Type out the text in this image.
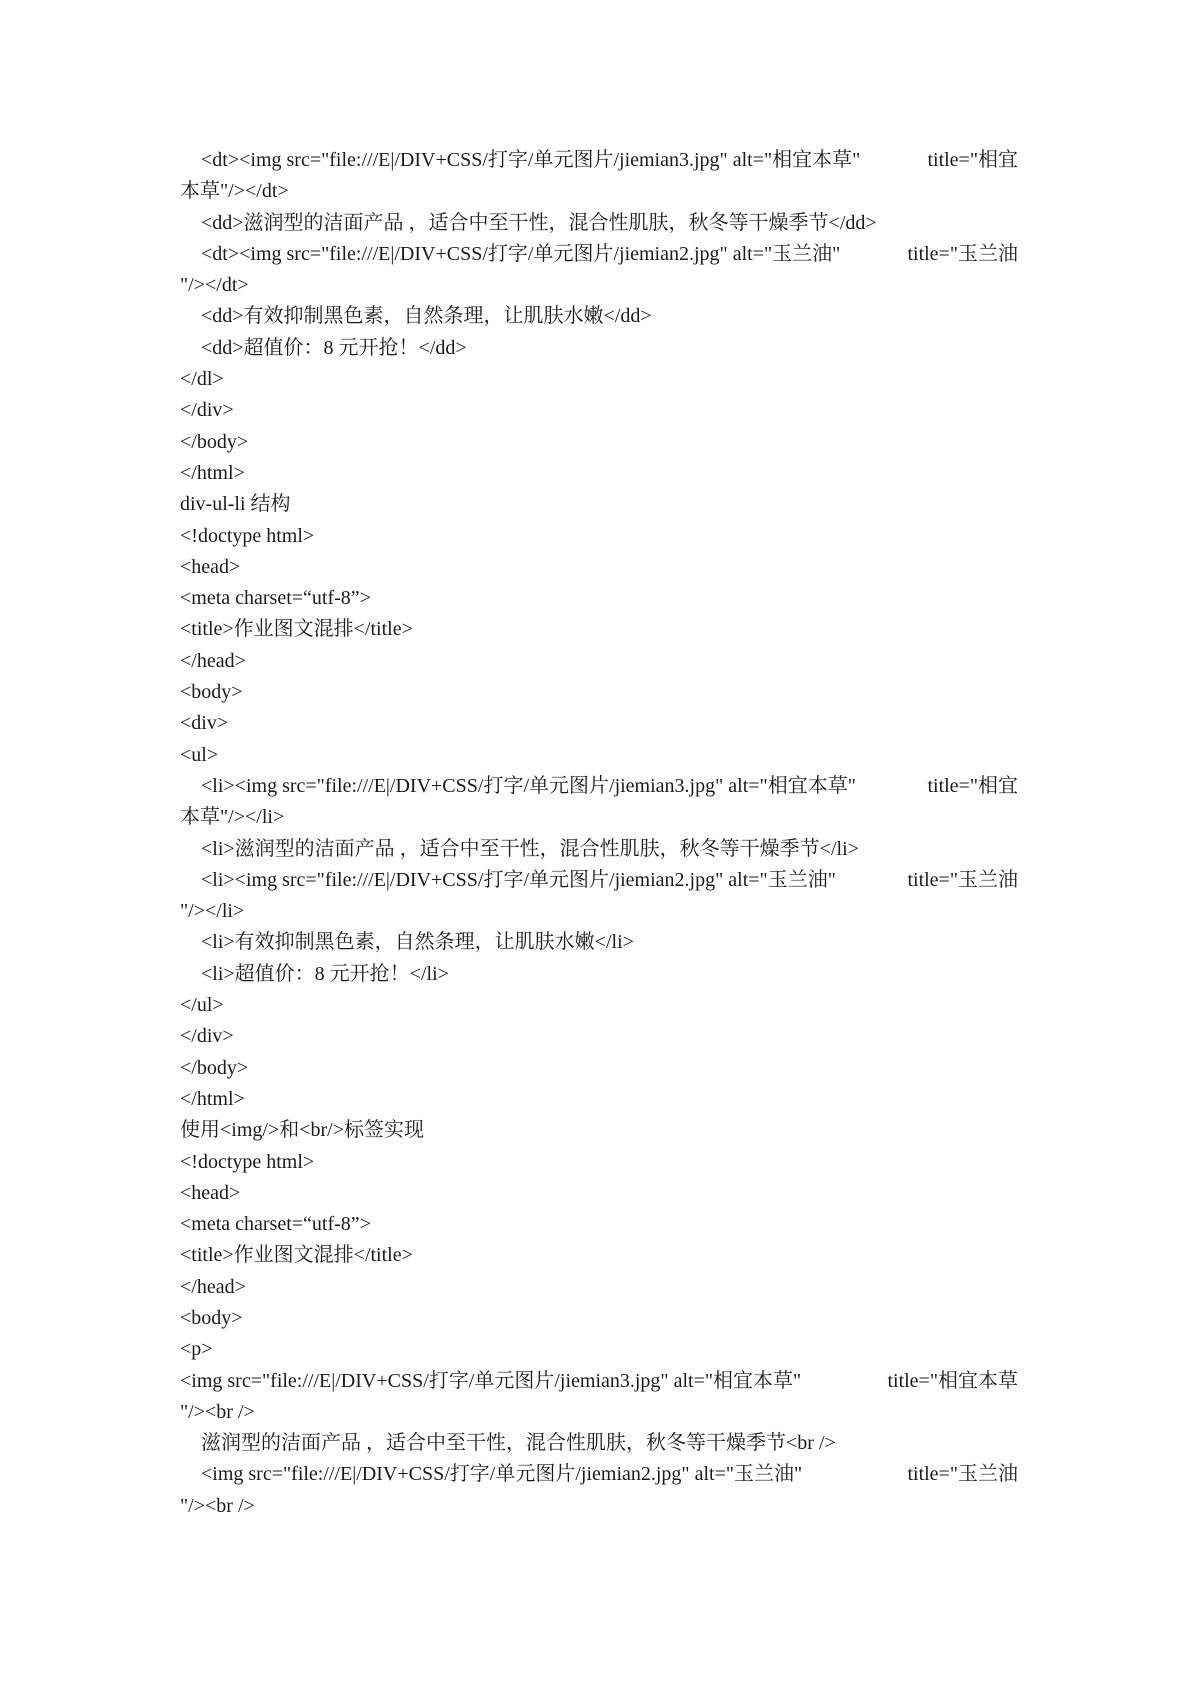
<dt><img src="file:///E|/DIV+CSS/打字/单元图片/jiemian3.jpg" alt="相宜本草"	title="相宜
本草"/></dt>
<dd>滋润型的洁面产品 ，适合中至干性，混合性肌肤，秋冬等干燥季节</dd>
<dt><img src="file:///E|/DIV+CSS/打字/单元图片/jiemian2.jpg" alt="玉兰油"	title="玉兰油
"/></dt>
<dd>有效抑制黑色素，自然条理，让肌肤水嫩</dd>
<dd>超值价：8 元开抢！</dd>
</dl>
</div>
</body>
</html>
div-ul-li 结构
<!doctype html>
<head>
<meta charset=“utf-8”>
<title>作业图文混排</title>
</head>
<body>
<div>
<ul>
<li><img src="file:///E|/DIV+CSS/打字/单元图片/jiemian3.jpg" alt="相宜本草"	title="相宜
本草"/></li>
<li>滋润型的洁面产品 ，适合中至干性，混合性肌肤，秋冬等干燥季节</li>
<li><img src="file:///E|/DIV+CSS/打字/单元图片/jiemian2.jpg" alt="玉兰油"	title="玉兰油
"/></li>
<li>有效抑制黑色素，自然条理，让肌肤水嫩</li>
<li>超值价：8 元开抢！</li>
</ul>
</div>
</body>
</html>
使用<img/>和<br/>标签实现
<!doctype html>
<head>
<meta charset=“utf-8”>
<title>作业图文混排</title>
</head>
<body>
<p>
<img src="file:///E|/DIV+CSS/打字/单元图片/jiemian3.jpg" alt="相宜本草"	title="相宜本草
"/><br />
滋润型的洁面产品 ，适合中至干性，混合性肌肤，秋冬等干燥季节<br />
<img src="file:///E|/DIV+CSS/打字/单元图片/jiemian2.jpg" alt="玉兰油"	title="玉兰油
"/><br />
